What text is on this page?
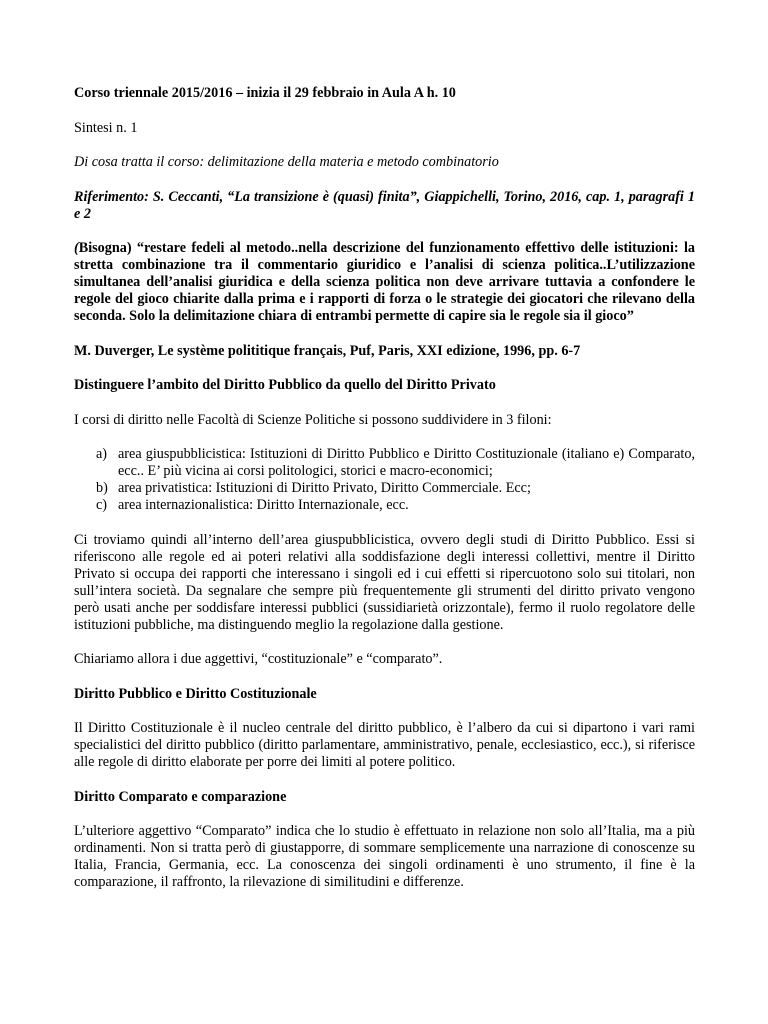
Corso triennale 2015/2016 – inizia il 29 febbraio in Aula A h. 10

Sintesi n. 1

Di cosa tratta il corso: delimitazione della materia e metodo combinatorio

Riferimento: S. Ceccanti, “La transizione è (quasi) finita”, Giappichelli, Torino, 2016, cap. 1, paragrafi 1 e 2

(Bisogna) “restare fedeli al metodo..nella descrizione del funzionamento effettivo delle istituzioni: la stretta combinazione tra il commentario giuridico e l’analisi di scienza politica..L’utilizzazione simultanea dell’analisi giuridica e della scienza politica non deve arrivare tuttavia a confondere le regole del gioco chiarite dalla prima e i rapporti di forza o le strategie dei giocatori che rilevano della seconda. Solo la delimitazione chiara di entrambi permette di capire sia le regole sia il gioco”

M. Duverger, Le système polititique français, Puf, Paris, XXI edizione, 1996, pp. 6-7

Distinguere l’ambito del Diritto Pubblico da quello del Diritto Privato

I corsi di diritto nelle Facoltà di Scienze Politiche si possono suddividere in 3 filoni:

a) area giuspubblicistica: Istituzioni di Diritto Pubblico e Diritto Costituzionale (italiano e) Comparato, ecc.. E’ più vicina ai corsi politologici, storici e macro-economici;
b) area privatistica: Istituzioni di Diritto Privato, Diritto Commerciale. Ecc;
c) area internazionalistica: Diritto Internazionale, ecc.

Ci troviamo quindi all’interno dell’area giuspubblicistica, ovvero degli studi di Diritto Pubblico. Essi si riferiscono alle regole ed ai poteri relativi alla soddisfazione degli interessi collettivi, mentre il Diritto Privato si occupa dei rapporti che interessano i singoli ed i cui effetti si ripercuotono solo sui titolari, non sull’intera società. Da segnalare che sempre più frequentemente gli strumenti del diritto privato vengono però usati anche per soddisfare interessi pubblici (sussidiarietà orizzontale), fermo il ruolo regolatore delle istituzioni pubbliche, ma distinguendo meglio la regolazione dalla gestione.

Chiariamo allora i due aggettivi, “costituzionale” e “comparato”.

Diritto Pubblico e Diritto Costituzionale

Il Diritto Costituzionale è il nucleo centrale del diritto pubblico, è l’albero da cui si dipartono i vari rami specialistici del diritto pubblico (diritto parlamentare, amministrativo, penale, ecclesiastico, ecc.), si riferisce alle regole di diritto elaborate per porre dei limiti al potere politico.

Diritto Comparato e comparazione

L’ulteriore aggettivo “Comparato” indica che lo studio è effettuato in relazione non solo all’Italia, ma a più ordinamenti. Non si tratta però di giustapporre, di sommare semplicemente una narrazione di conoscenze su Italia, Francia, Germania, ecc. La conoscenza dei singoli ordinamenti è uno strumento, il fine è la comparazione, il raffronto, la rilevazione di similitudini e differenze.
